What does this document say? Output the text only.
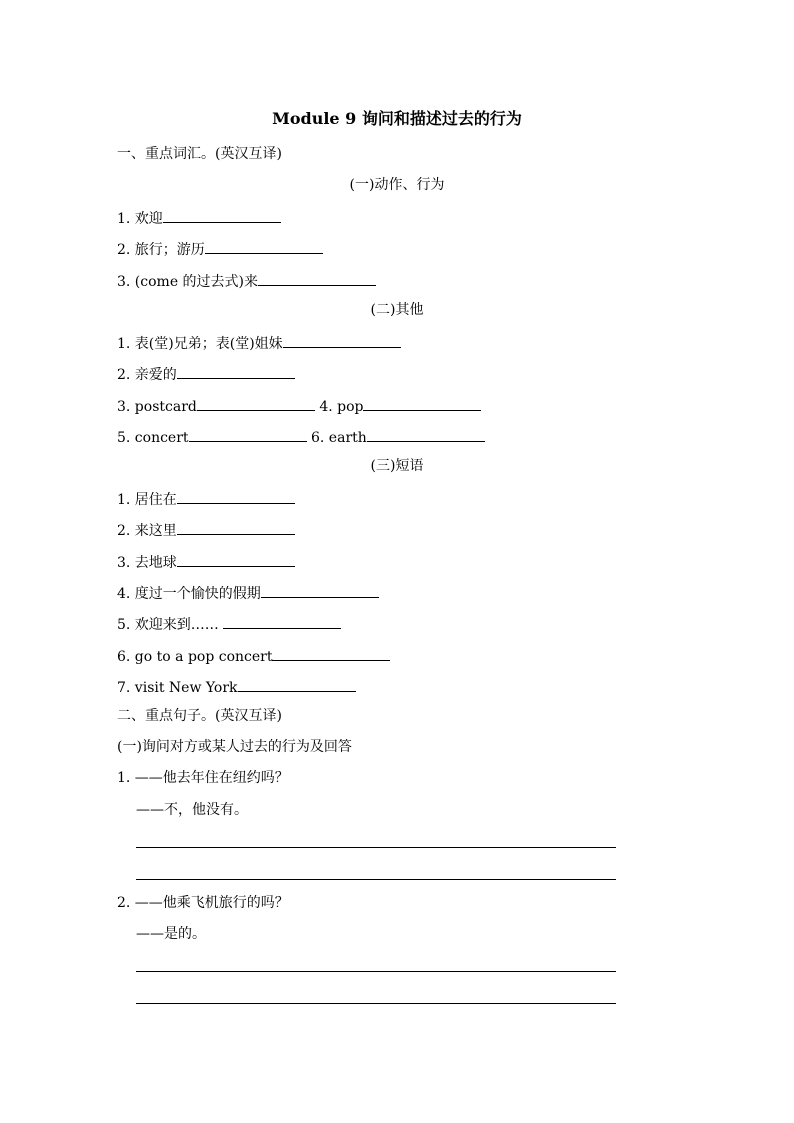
Module 9 询问和描述过去的行为
一、重点词汇。(英汉互译)
(一)动作、行为
1. 欢迎
2. 旅行；游历
3. (come 的过去式)来
(二)其他
1. 表(堂)兄弟；表(堂)姐妹
2. 亲爱的
3. postcard	4. pop
5. concert	6. earth
(三)短语
1. 居住在
2. 来这里
3. 去地球
4. 度过一个愉快的假期
5. 欢迎来到……
6. go to a pop concert
7. visit New York
二、重点句子。(英汉互译)
(一)询问对方或某人过去的行为及回答
1. ——他去年住在纽约吗？
——不，他没有。
2. ——他乘飞机旅行的吗？
——是的。
